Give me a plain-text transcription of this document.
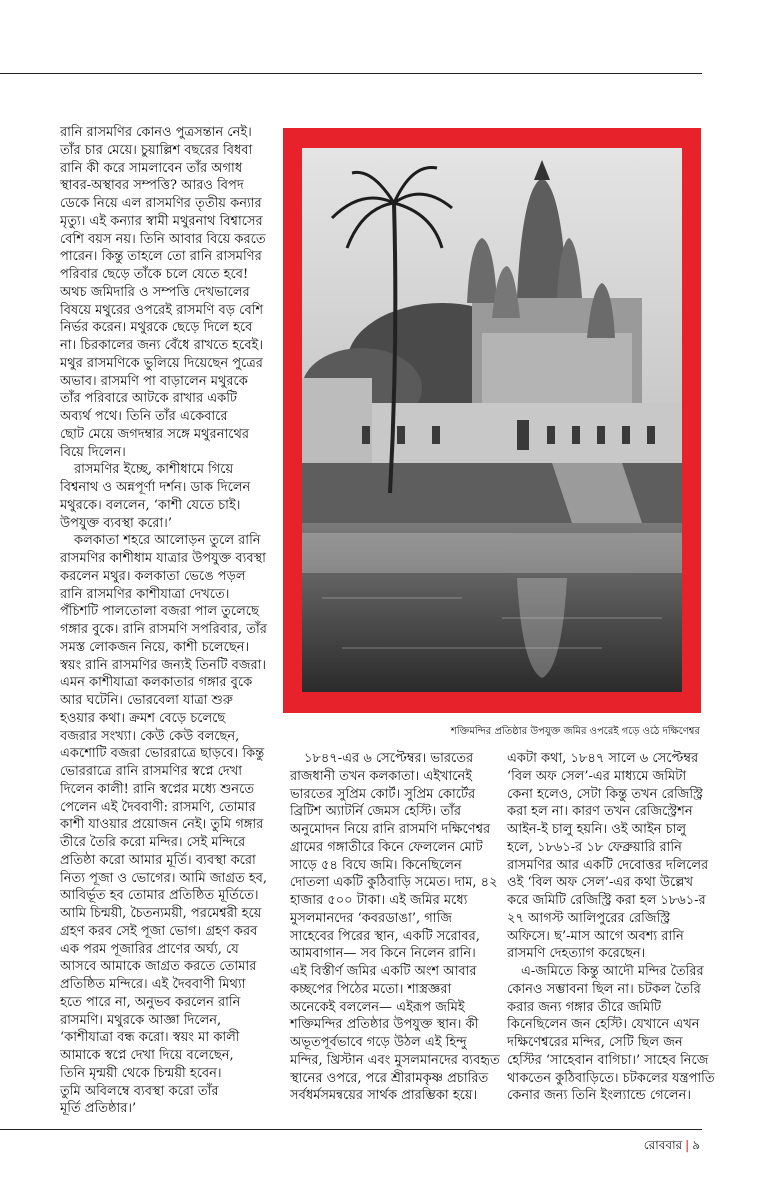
রানি রাসমণির কোনও পুত্রসন্তান নেই।
তাঁর চার মেয়ে। চুয়াল্লিশ বছরের বিধবা
রানি কী করে সামলাবেন তাঁর অগাধ
স্থাবর-অস্থাবর সম্পত্তি? আরও বিপদ
ডেকে নিয়ে এল রাসমণির তৃতীয় কন্যার
মৃত্যু। এই কন্যার স্বামী মথুরনাথ বিশ্বাসের
বেশি বয়স নয়। তিনি আবার বিয়ে করতে
পারেন। কিন্তু তাহলে তো রানি রাসমণির
পরিবার ছেড়ে তাঁকে চলে যেতে হবে!
অথচ জমিদারি ও সম্পত্তি দেখভালের
বিষয়ে মথুরের ওপরেই রাসমণি বড় বেশি
নির্ভর করেন। মথুরকে ছেড়ে দিলে হবে
না। চিরকালের জন্য বেঁধে রাখতে হবেই।
মথুর রাসমণিকে ভুলিয়ে দিয়েছেন পুত্রের
অভাব। রাসমণি পা বাড়ালেন মথুরকে
তাঁর পরিবারে আটকে রাখার একটি
অব্যর্থ পথে। তিনি তাঁর একেবারে
ছোট মেয়ে জগদম্বার সঙ্গে মথুরনাথের
বিয়ে দিলেন।
রাসমণির ইচ্ছে, কাশীধামে গিয়ে
বিশ্বনাথ ও অন্নপূর্ণা দর্শন। ডাক দিলেন
মথুরকে। বললেন, ‘কাশী যেতে চাই।
উপযুক্ত ব্যবস্থা করো।’
কলকাতা শহরে আলোড়ন তুলে রানি
রাসমণির কাশীধাম যাত্রার উপযুক্ত ব্যবস্থা
করলেন মথুর। কলকাতা ভেঙে পড়ল
রানি রাসমণির কাশীযাত্রা দেখতে।
পঁচিশটি পালতোলা বজরা পাল তুলেছে
গঙ্গার বুকে। রানি রাসমণি সপরিবার, তাঁর
সমস্ত লোকজন নিয়ে, কাশী চলেছেন।
স্বয়ং রানি রাসমণির জন্যই তিনটি বজরা।
এমন কাশীযাত্রা কলকাতার গঙ্গার বুকে
আর ঘটেনি। ভোরবেলা যাত্রা শুরু
হওয়ার কথা। ক্রমশ বেড়ে চলেছে
বজরার সংখ্যা। কেউ কেউ বলছেন,
একশোটি বজরা ভোররাত্রে ছাড়বে। কিন্তু
ভোররাত্রে রানি রাসমণির স্বপ্নে দেখা
দিলেন কালী! রানি স্বপ্নের মধ্যে শুনতে
পেলেন এই দৈববাণী: রাসমণি, তোমার
কাশী যাওয়ার প্রয়োজন নেই। তুমি গঙ্গার
তীরে তৈরি করো মন্দির। সেই মন্দিরে
প্রতিষ্ঠা করো আমার মূর্তি। ব্যবস্থা করো
নিত্য পূজা ও ভোগের। আমি জাগ্রত হব,
আবির্ভূত হব তোমার প্রতিষ্ঠিত মূর্তিতে।
আমি চিন্ময়ী, চৈতন্যময়ী, পরমেশ্বরী হয়ে
গ্রহণ করব সেই পূজা ভোগ। গ্রহণ করব
এক পরম পূজারির প্রাণের অর্ঘ্য, যে
আসবে আমাকে জাগ্রত করতে তোমার
প্রতিষ্ঠিত মন্দিরে। এই দৈববাণী মিথ্যা
হতে পারে না, অনুভব করলেন রানি
রাসমণি। মথুরকে আজ্ঞা দিলেন,
‘কাশীযাত্রা বন্ধ করো। স্বয়ং মা কালী
আমাকে স্বপ্নে দেখা দিয়ে বলেছেন,
তিনি মৃন্ময়ী থেকে চিন্ময়ী হবেন।
তুমি অবিলম্বে ব্যবস্থা করো তাঁর
মূর্তি প্রতিষ্ঠার।’
শক্তিমন্দির প্রতিষ্ঠার উপযুক্ত জমির ওপরেই গড়ে ওঠে দক্ষিণেশ্বর
১৮৪৭-এর ৬ সেপ্টেম্বর। ভারতের
রাজধানী তখন কলকাতা। এইখানেই
ভারতের সুপ্রিম কোর্ট। সুপ্রিম কোর্টের
ব্রিটিশ অ্যাটর্নি জেমস হেস্টি। তাঁর
অনুমোদন নিয়ে রানি রাসমণি দক্ষিণেশ্বর
গ্রামের গঙ্গাতীরে কিনে ফেললেন মোট
সাড়ে ৫৪ বিঘে জমি। কিনেছিলেন
দোতলা একটি কুঠিবাড়ি সমেত। দাম, ৪২
হাজার ৫০০ টাকা। এই জমির মধ্যে
মুসলমানদের ‘কবরডাঙা’, গাজি
সাহেবের পিরের স্থান, একটি সরোবর,
আমবাগান— সব কিনে নিলেন রানি।
এই বিস্তীর্ণ জমির একটি অংশ আবার
কচ্ছপের পিঠের মতো। শাস্ত্রজ্ঞরা
অনেকেই বললেন— এইরূপ জমিই
শক্তিমন্দির প্রতিষ্ঠার উপযুক্ত স্থান। কী
অভূতপূর্বভাবে গড়ে উঠল এই হিন্দু
মন্দির, খ্রিস্টান এবং মুসলমানদের ব্যবহৃত
স্থানের ওপরে, পরে শ্রীরামকৃষ্ণ প্রচারিত
সর্বধর্মসমন্বয়ের সার্থক প্রারম্ভিকা হয়ে।
একটা কথা, ১৮৪৭ সালে ৬ সেপ্টেম্বর
‘বিল অফ সেল’-এর মাধ্যমে জমিটা
কেনা হলেও, সেটা কিন্তু তখন রেজিস্ট্রি
করা হল না। কারণ তখন রেজিস্ট্রেশন
আইন-ই চালু হয়নি। ওই আইন চালু
হলে, ১৮৬১-র ১৮ ফেব্রুয়ারি রানি
রাসমণির আর একটি দেবোত্তর দলিলের
ওই ‘বিল অফ সেল’-এর কথা উল্লেখ
করে জমিটি রেজিস্ট্রি করা হল ১৮৬১-র
২৭ আগস্ট আলিপুরের রেজিস্ট্রি
অফিসে। ছ’-মাস আগে অবশ্য রানি
রাসমণি দেহত্যাগ করেছেন।
এ-জমিতে কিন্তু আদৌ মন্দির তৈরির
কোনও সম্ভাবনা ছিল না। চটকল তৈরি
করার জন্য গঙ্গার তীরে জমিটি
কিনেছিলেন জন হেস্টি। যেখানে এখন
দক্ষিণেশ্বরের মন্দির, সেটি ছিল জন
হেস্টির ‘সাহেবান বাগিচা।’ সাহেব নিজে
থাকতেন কুঠিবাড়িতে। চটকলের যন্ত্রপাতি
কেনার জন্য তিনি ইংল্যান্ডে গেলেন।
রোববার | ৯
